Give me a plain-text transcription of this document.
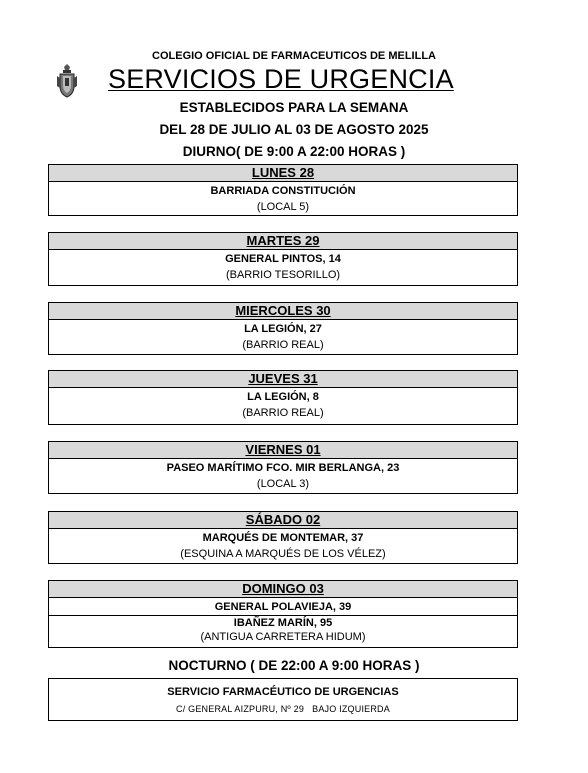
COLEGIO OFICIAL DE FARMACEUTICOS DE MELILLA
SERVICIOS DE URGENCIA
ESTABLECIDOS PARA LA SEMANA
DEL 28 DE JULIO AL 03 DE AGOSTO 2025
DIURNO( DE 9:00 A 22:00 HORAS )
LUNES 28
BARRIADA CONSTITUCIÓN
(LOCAL 5)
MARTES 29
GENERAL PINTOS, 14
(BARRIO TESORILLO)
MIERCOLES 30
LA LEGIÓN, 27
(BARRIO REAL)
JUEVES 31
LA LEGIÓN, 8
(BARRIO REAL)
VIERNES 01
PASEO MARÍTIMO FCO. MIR BERLANGA, 23
(LOCAL 3)
SÁBADO 02
MARQUÉS DE MONTEMAR, 37
(ESQUINA A MARQUÉS DE LOS VÉLEZ)
DOMINGO 03
GENERAL POLAVIEJA, 39
IBAÑEZ MARÍN, 95
(ANTIGUA CARRETERA HIDUM)
NOCTURNO ( DE 22:00 A 9:00 HORAS )
SERVICIO FARMACÉUTICO DE URGENCIAS
C/ GENERAL AIZPURU, Nº 29   BAJO IZQUIERDA
